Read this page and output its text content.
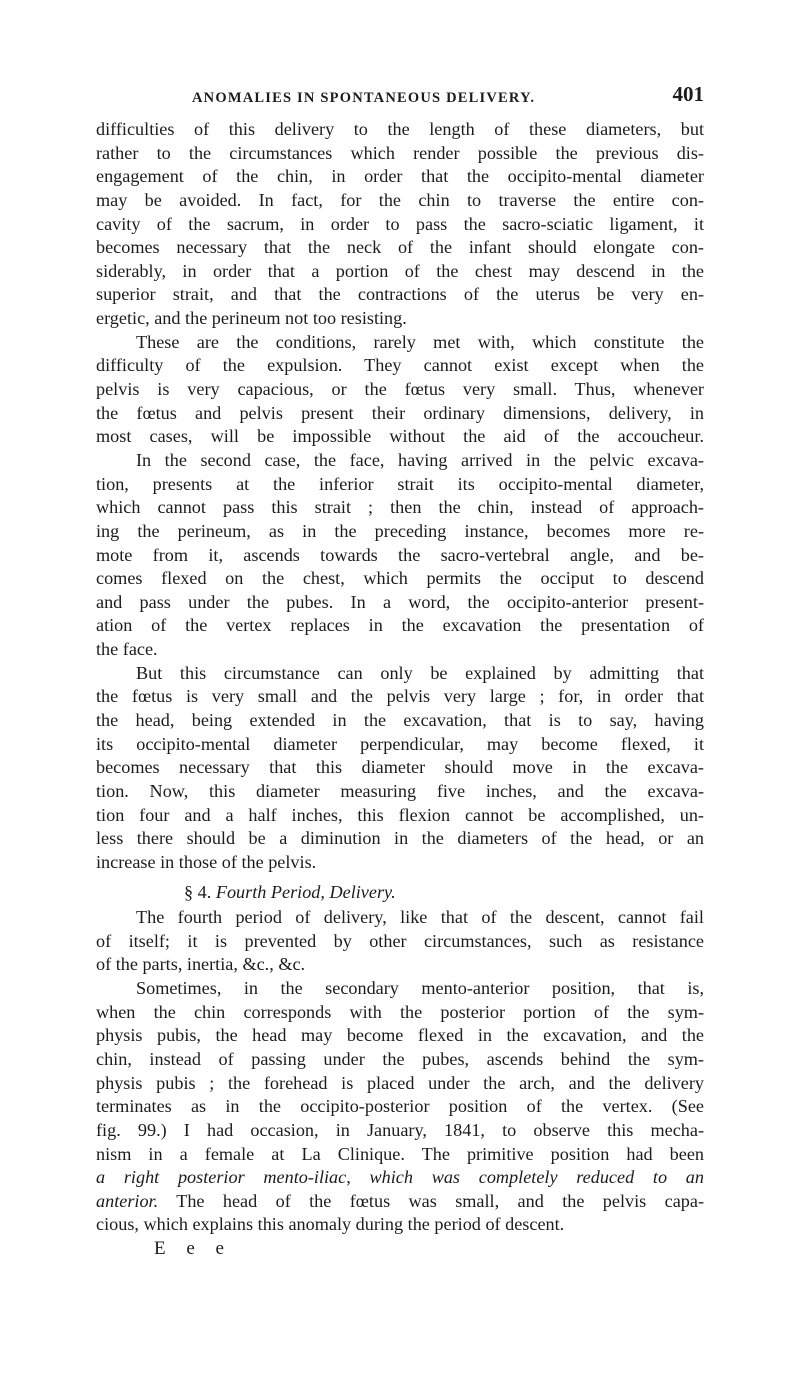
ANOMALIES IN SPONTANEOUS DELIVERY.	401
difficulties of this delivery to the length of these diameters, but
rather to the circumstances which render possible the previous dis-
engagement of the chin, in order that the occipito-mental diameter
may be avoided. In fact, for the chin to traverse the entire con-
cavity of the sacrum, in order to pass the sacro-sciatic ligament, it
becomes necessary that the neck of the infant should elongate con-
siderably, in order that a portion of the chest may descend in the
superior strait, and that the contractions of the uterus be very en-
ergetic, and the perineum not too resisting.
These are the conditions, rarely met with, which constitute the
difficulty of the expulsion. They cannot exist except when the
pelvis is very capacious, or the fœtus very small. Thus, whenever
the fœtus and pelvis present their ordinary dimensions, delivery, in
most cases, will be impossible without the aid of the accoucheur.
In the second case, the face, having arrived in the pelvic excava-
tion, presents at the inferior strait its occipito-mental diameter,
which cannot pass this strait ; then the chin, instead of approach-
ing the perineum, as in the preceding instance, becomes more re-
mote from it, ascends towards the sacro-vertebral angle, and be-
comes flexed on the chest, which permits the occiput to descend
and pass under the pubes. In a word, the occipito-anterior present-
ation of the vertex replaces in the excavation the presentation of
the face.
But this circumstance can only be explained by admitting that
the fœtus is very small and the pelvis very large ; for, in order that
the head, being extended in the excavation, that is to say, having
its occipito-mental diameter perpendicular, may become flexed, it
becomes necessary that this diameter should move in the excava-
tion. Now, this diameter measuring five inches, and the excava-
tion four and a half inches, this flexion cannot be accomplished, un-
less there should be a diminution in the diameters of the head, or an
increase in those of the pelvis.
§ 4. Fourth Period, Delivery.
The fourth period of delivery, like that of the descent, cannot fail
of itself; it is prevented by other circumstances, such as resistance
of the parts, inertia, &c., &c.
Sometimes, in the secondary mento-anterior position, that is,
when the chin corresponds with the posterior portion of the sym-
physis pubis, the head may become flexed in the excavation, and the
chin, instead of passing under the pubes, ascends behind the sym-
physis pubis ; the forehead is placed under the arch, and the delivery
terminates as in the occipito-posterior position of the vertex. (See
fig. 99.) I had occasion, in January, 1841, to observe this mecha-
nism in a female at La Clinique. The primitive position had been
a right posterior mento-iliac, which was completely reduced to an
anterior. The head of the fœtus was small, and the pelvis capa-
cious, which explains this anomaly during the period of descent.
E e e
